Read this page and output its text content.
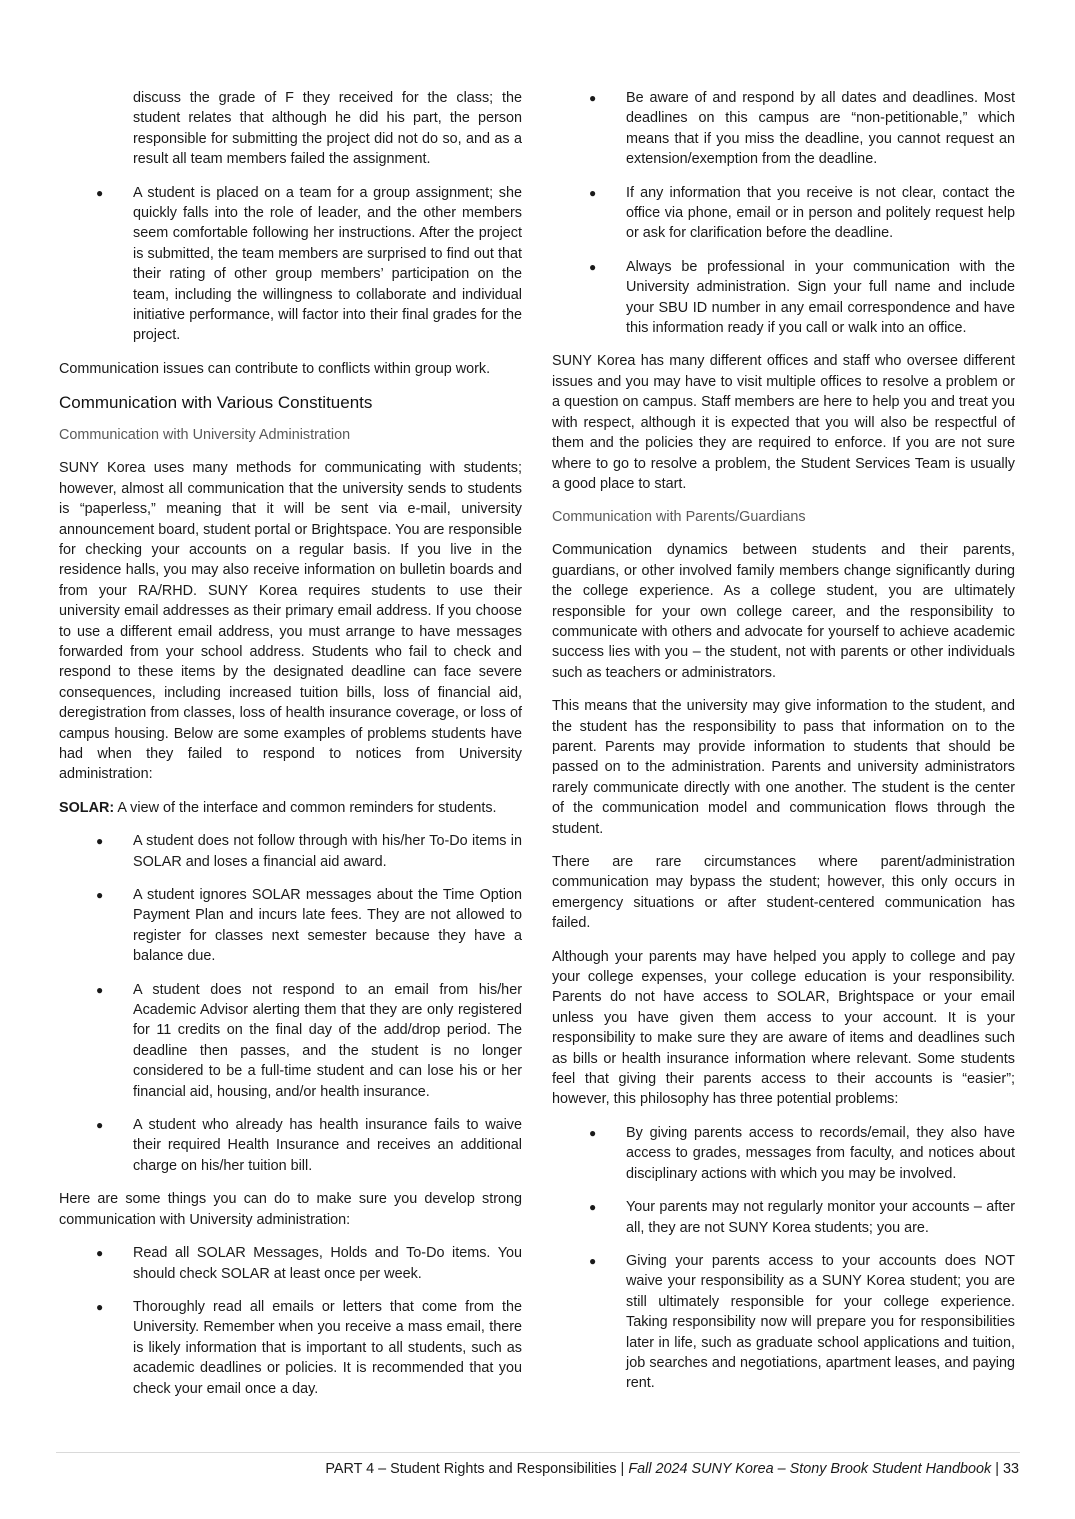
discuss the grade of F they received for the class; the student relates that although he did his part, the person responsible for submitting the project did not do so, and as a result all team members failed the assignment.
● A student is placed on a team for a group assignment; she quickly falls into the role of leader, and the other members seem comfortable following her instructions. After the project is submitted, the team members are surprised to find out that their rating of other group members’ participation on the team, including the willingness to collaborate and individual initiative performance, will factor into their final grades for the project.

Communication issues can contribute to conflicts within group work.

Communication with Various Constituents
Communication with University Administration

SUNY Korea uses many methods for communicating with students; however, almost all communication that the university sends to students is “paperless,” meaning that it will be sent via e-mail, university announcement board, student portal or Brightspace. You are responsible for checking your accounts on a regular basis. If you live in the residence halls, you may also receive information on bulletin boards and from your RA/RHD. SUNY Korea requires students to use their university email addresses as their primary email address. If you choose to use a different email address, you must arrange to have messages forwarded from your school address. Students who fail to check and respond to these items by the designated deadline can face severe consequences, including increased tuition bills, loss of financial aid, deregistration from classes, loss of health insurance coverage, or loss of campus housing. Below are some examples of problems students have had when they failed to respond to notices from University administration:

SOLAR: A view of the interface and common reminders for students.

● A student does not follow through with his/her To-Do items in SOLAR and loses a financial aid award.
● A student ignores SOLAR messages about the Time Option Payment Plan and incurs late fees. They are not allowed to register for classes next semester because they have a balance due.
● A student does not respond to an email from his/her Academic Advisor alerting them that they are only registered for 11 credits on the final day of the add/drop period. The deadline then passes, and the student is no longer considered to be a full-time student and can lose his or her financial aid, housing, and/or health insurance.
● A student who already has health insurance fails to waive their required Health Insurance and receives an additional charge on his/her tuition bill.

Here are some things you can do to make sure you develop strong communication with University administration:

● Read all SOLAR Messages, Holds and To-Do items. You should check SOLAR at least once per week.
● Thoroughly read all emails or letters that come from the University. Remember when you receive a mass email, there is likely information that is important to all students, such as academic deadlines or policies. It is recommended that you check your email once a day.
● Be aware of and respond by all dates and deadlines. Most deadlines on this campus are “non-petitionable,” which means that if you miss the deadline, you cannot request an extension/exemption from the deadline.
● If any information that you receive is not clear, contact the office via phone, email or in person and politely request help or ask for clarification before the deadline.
● Always be professional in your communication with the University administration. Sign your full name and include your SBU ID number in any email correspondence and have this information ready if you call or walk into an office.

SUNY Korea has many different offices and staff who oversee different issues and you may have to visit multiple offices to resolve a problem or a question on campus. Staff members are here to help you and treat you with respect, although it is expected that you will also be respectful of them and the policies they are required to enforce. If you are not sure where to go to resolve a problem, the Student Services Team is usually a good place to start.

Communication with Parents/Guardians

Communication dynamics between students and their parents, guardians, or other involved family members change significantly during the college experience. As a college student, you are ultimately responsible for your own college career, and the responsibility to communicate with others and advocate for yourself to achieve academic success lies with you – the student, not with parents or other individuals such as teachers or administrators.

This means that the university may give information to the student, and the student has the responsibility to pass that information on to the parent. Parents may provide information to students that should be passed on to the administration. Parents and university administrators rarely communicate directly with one another. The student is the center of the communication model and communication flows through the student.

There are rare circumstances where parent/administration communication may bypass the student; however, this only occurs in emergency situations or after student-centered communication has failed.

Although your parents may have helped you apply to college and pay your college expenses, your college education is your responsibility. Parents do not have access to SOLAR, Brightspace or your email unless you have given them access to your account. It is your responsibility to make sure they are aware of items and deadlines such as bills or health insurance information where relevant. Some students feel that giving their parents access to their accounts is “easier”; however, this philosophy has three potential problems:

● By giving parents access to records/email, they also have access to grades, messages from faculty, and notices about disciplinary actions with which you may be involved.
● Your parents may not regularly monitor your accounts – after all, they are not SUNY Korea students; you are.
● Giving your parents access to your accounts does NOT waive your responsibility as a SUNY Korea student; you are still ultimately responsible for your college experience. Taking responsibility now will prepare you for responsibilities later in life, such as graduate school applications and tuition, job searches and negotiations, apartment leases, and paying rent.
PART 4 – Student Rights and Responsibilities | Fall 2024 SUNY Korea – Stony Brook Student Handbook | 33
